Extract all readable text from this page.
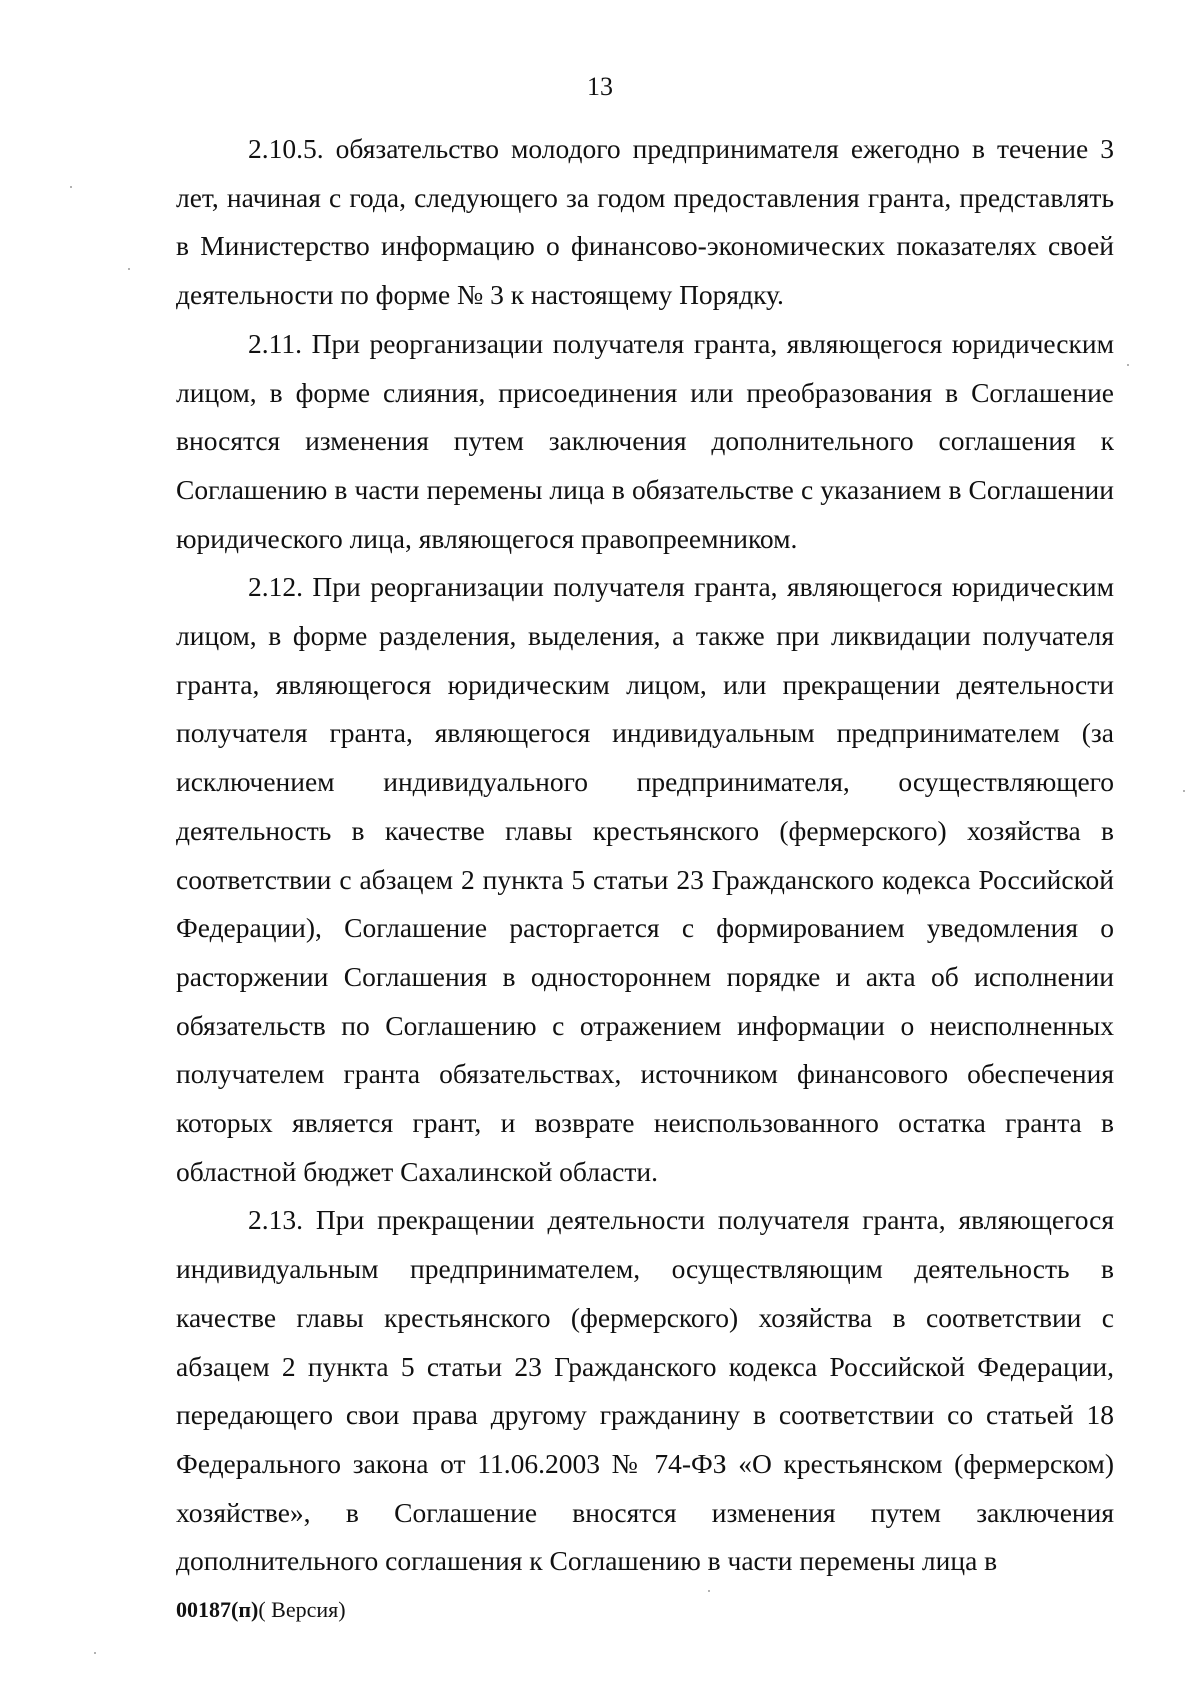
13

2.10.5. обязательство молодого предпринимателя ежегодно в течение 3 лет, начиная с года, следующего за годом предоставления гранта, представлять в Министерство информацию о финансово-экономических показателях своей деятельности по форме № 3 к настоящему Порядку.

2.11. При реорганизации получателя гранта, являющегося юридическим лицом, в форме слияния, присоединения или преобразования в Соглашение вносятся изменения путем заключения дополнительного соглашения к Соглашению в части перемены лица в обязательстве с указанием в Соглашении юридического лица, являющегося правопреемником.

2.12. При реорганизации получателя гранта, являющегося юридическим лицом, в форме разделения, выделения, а также при ликвидации получателя гранта, являющегося юридическим лицом, или прекращении деятельности получателя гранта, являющегося индивидуальным предпринимателем (за исключением индивидуального предпринимателя, осуществляющего деятельность в качестве главы крестьянского (фермерского) хозяйства в соответствии с абзацем 2 пункта 5 статьи 23 Гражданского кодекса Российской Федерации), Соглашение расторгается с формированием уведомления о расторжении Соглашения в одностороннем порядке и акта об исполнении обязательств по Соглашению с отражением информации о неисполненных получателем гранта обязательствах, источником финансового обеспечения которых является грант, и возврате неиспользованного остатка гранта в областной бюджет Сахалинской области.

2.13. При прекращении деятельности получателя гранта, являющегося индивидуальным предпринимателем, осуществляющим деятельность в качестве главы крестьянского (фермерского) хозяйства в соответствии с абзацем 2 пункта 5 статьи 23 Гражданского кодекса Российской Федерации, передающего свои права другому гражданину в соответствии со статьей 18 Федерального закона от 11.06.2003 № 74-ФЗ «О крестьянском (фермерском) хозяйстве», в Соглашение вносятся изменения путем заключения дополнительного соглашения к Соглашению в части перемены лица в

00187(п)( Версия)
